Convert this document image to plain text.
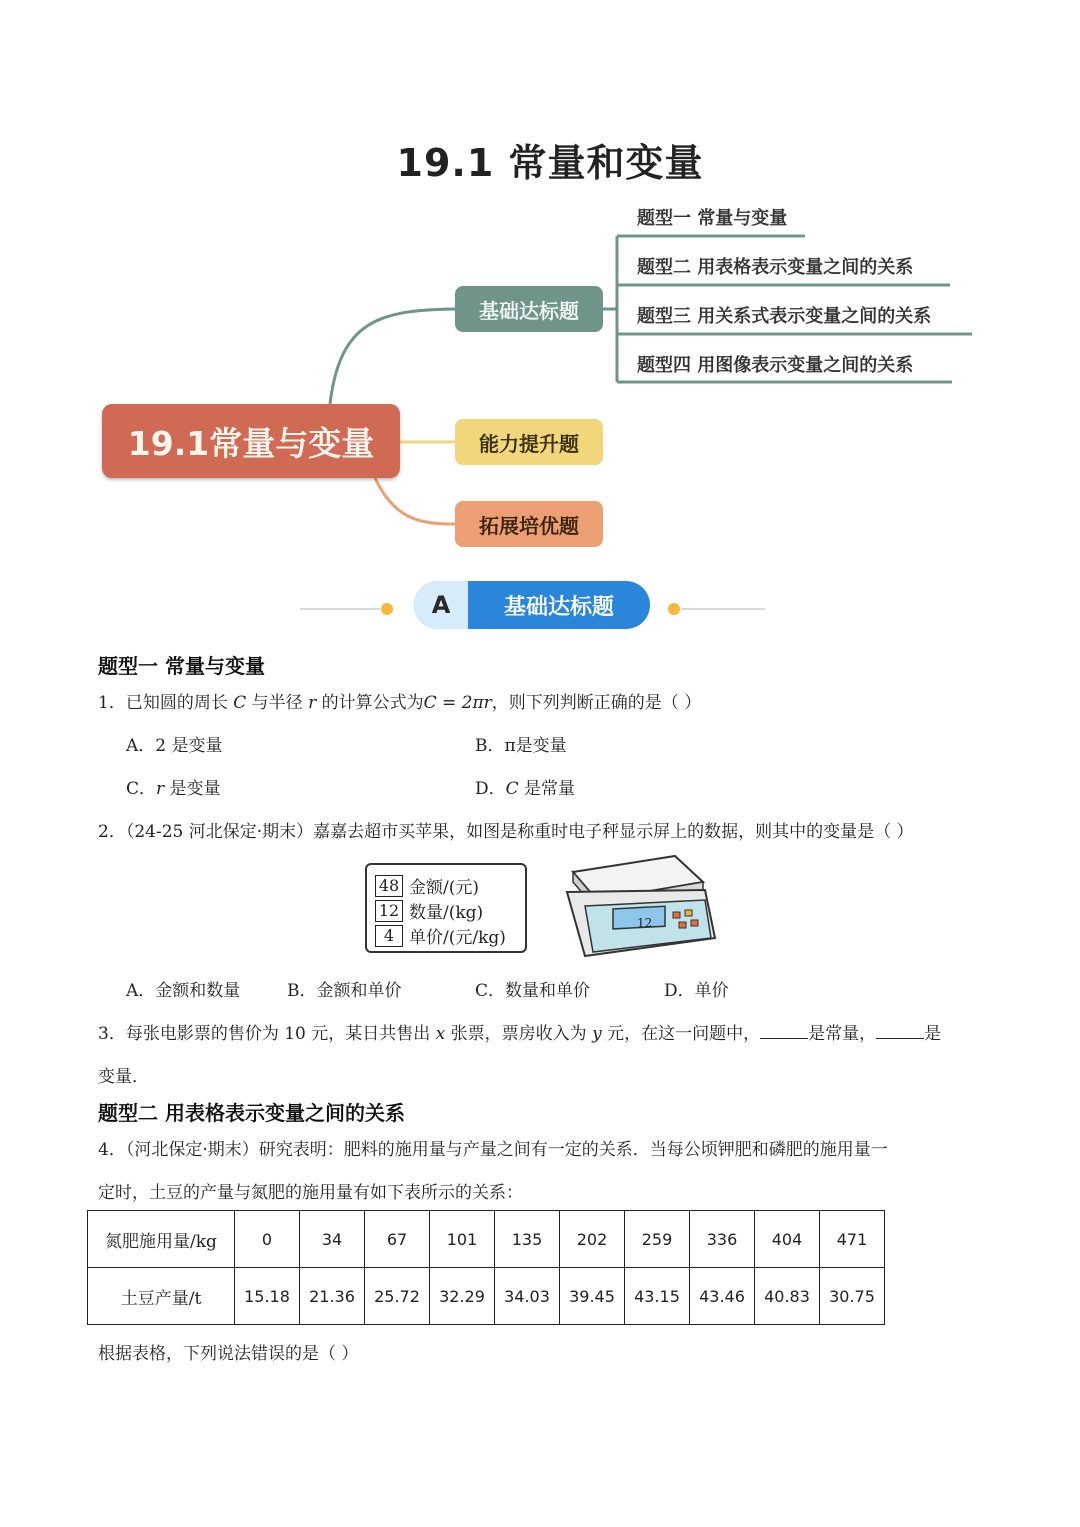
19.1 常量和变量
19.1常量与变量
基础达标题
能力提升题
拓展培优题
题型一 常量与变量
题型二 用表格表示变量之间的关系
题型三 用关系式表示变量之间的关系
题型四 用图像表示变量之间的关系
A	基础达标题
题型一 常量与变量
1．已知圆的周长 C 与半径 r 的计算公式为C = 2πr，则下列判断正确的是（ ）
A．2 是变量	B．π是变量
C．r 是变量	D．C 是常量
2．（24-25 河北保定·期末）嘉嘉去超市买苹果，如图是称重时电子秤显示屏上的数据，则其中的变量是（ ）
48 金额/(元)
12 数量/(kg)
4 单价/(元/kg)
12
A．金额和数量	B．金额和单价	C．数量和单价	D．单价
3．每张电影票的售价为 10 元，某日共售出 x 张票，票房收入为 y 元，在这一问题中，	是常量，	是
变量．
题型二 用表格表示变量之间的关系
4．（河北保定·期末）研究表明：肥料的施用量与产量之间有一定的关系．当每公顷钾肥和磷肥的施用量一
定时，土豆的产量与氮肥的施用量有如下表所示的关系：
氮肥施用量/kg	0	34	67	101	135	202	259	336	404	471
土豆产量/t	15.18	21.36	25.72	32.29	34.03	39.45	43.15	43.46	40.83	30.75
根据表格，下列说法错误的是（ ）
